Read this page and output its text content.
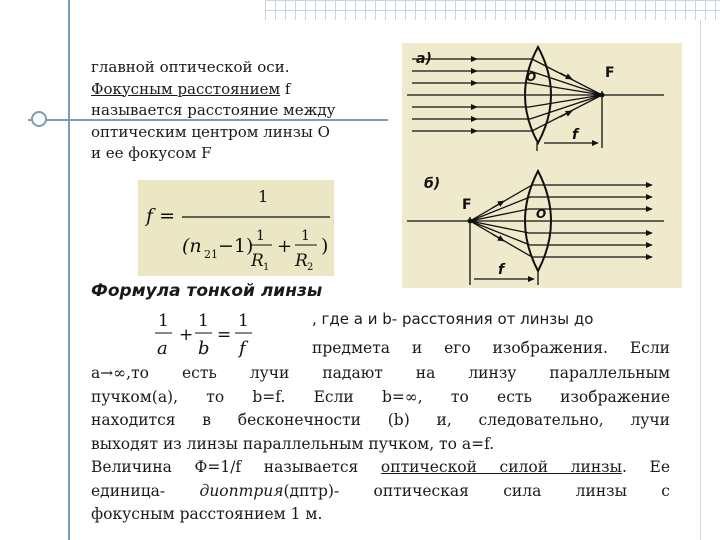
главной оптической оси.
Фокусным расстоянием f
называется расстояние между
оптическим центром линзы О
и ее фокусом F
f =
1
(n 21 −1) 1
R 1
+ 1
R 2
)
а)
O	F
f
б)
F
O
f
Формула тонкой линзы
1
a
+
1
b
=
1
f
, где a и b- расстояния от линзы до
предмета и его изображения. Если
a→∞,то есть лучи падают на линзу параллельным
пучком(а), то b=f. Если b=∞, то есть изображение
находится в бесконечности (b) и, следовательно, лучи
выходят из линзы параллельным пучком, то a=f.
Величина Ф=1/f называется оптической силой линзы. Ее
единица- диоптрия(дптр)- оптическая сила линзы с
фокусным расстоянием 1 м.
